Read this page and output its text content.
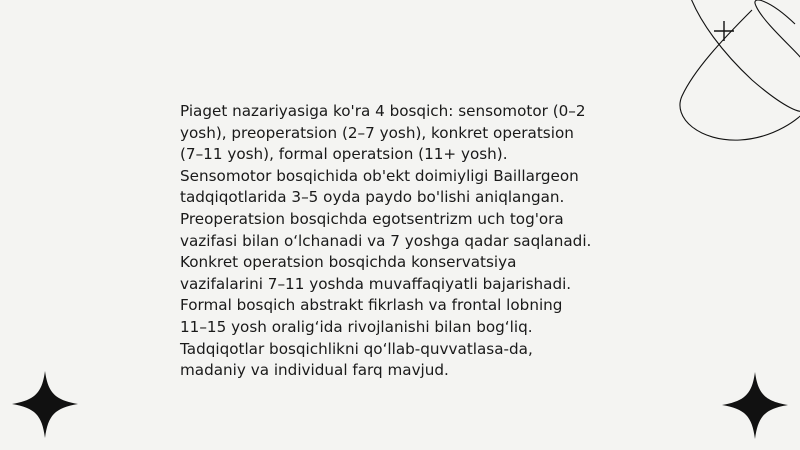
Piaget nazariyasiga ko'ra 4 bosqich: sensomotor (0–2
yosh), preoperatsion (2–7 yosh), konkret operatsion
(7–11 yosh), formal operatsion (11+ yosh).
Sensomotor bosqichida ob'ekt doimiyligi Baillargeon
tadqiqotlarida 3–5 oyda paydo bo'lishi aniqlangan.
Preoperatsion bosqichda egotsentrizm uch tog'ora
vazifasi bilan o‘lchanadi va 7 yoshga qadar saqlanadi.
Konkret operatsion bosqichda konservatsiya
vazifalarini 7–11 yoshda muvaffaqiyatli bajarishadi.
Formal bosqich abstrakt fikrlash va frontal lobning
11–15 yosh oralig‘ida rivojlanishi bilan bog‘liq.
Tadqiqotlar bosqichlikni qo‘llab-quvvatlasa-da,
madaniy va individual farq mavjud.
